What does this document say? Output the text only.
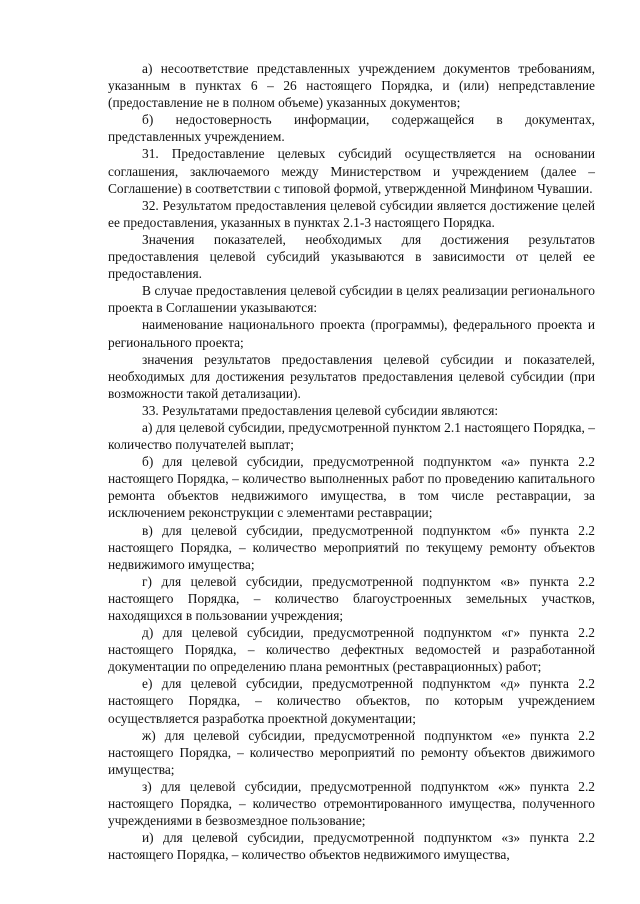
а) несоответствие представленных учреждением документов требованиям, указанным в пунктах 6 – 26 настоящего Порядка, и (или) непредставление (предоставление не в полном объеме) указанных документов;

б) недостоверность информации, содержащейся в документах, представленных учреждением.

31. Предоставление целевых субсидий осуществляется на основании соглашения, заключаемого между Министерством и учреждением (далее – Соглашение) в соответствии с типовой формой, утвержденной Минфином Чувашии.

32. Результатом предоставления целевой субсидии является достижение целей ее предоставления, указанных в пунктах 2.1-3 настоящего Порядка.

Значения показателей, необходимых для достижения результатов предоставления целевой субсидий указываются в зависимости от целей ее предоставления.

В случае предоставления целевой субсидии в целях реализации регионального проекта в Соглашении указываются:

наименование национального проекта (программы), федерального проекта и регионального проекта;

значения результатов предоставления целевой субсидии и показателей, необходимых для достижения результатов предоставления целевой субсидии (при возможности такой детализации).

33. Результатами предоставления целевой субсидии являются:

а) для целевой субсидии, предусмотренной пунктом 2.1 настоящего Порядка, – количество получателей выплат;

б) для целевой субсидии, предусмотренной подпунктом «а» пункта 2.2 настоящего Порядка, – количество выполненных работ по проведению капитального ремонта объектов недвижимого имущества, в том числе реставрации, за исключением реконструкции с элементами реставрации;

в) для целевой субсидии, предусмотренной подпунктом «б» пункта 2.2 настоящего Порядка, – количество мероприятий по текущему ремонту объектов недвижимого имущества;

г) для целевой субсидии, предусмотренной подпунктом «в» пункта 2.2 настоящего Порядка, – количество благоустроенных земельных участков, находящихся в пользовании учреждения;

д) для целевой субсидии, предусмотренной подпунктом «г» пункта 2.2 настоящего Порядка, – количество дефектных ведомостей и разработанной документации по определению плана ремонтных (реставрационных) работ;

е) для целевой субсидии, предусмотренной подпунктом «д» пункта 2.2 настоящего Порядка, – количество объектов, по которым учреждением осуществляется разработка проектной документации;

ж) для целевой субсидии, предусмотренной подпунктом «е» пункта 2.2 настоящего Порядка, – количество мероприятий по ремонту объектов движимого имущества;

з) для целевой субсидии, предусмотренной подпунктом «ж» пункта 2.2 настоящего Порядка, – количество отремонтированного имущества, полученного учреждениями в безвозмездное пользование;

и) для целевой субсидии, предусмотренной подпунктом «з» пункта 2.2 настоящего Порядка, – количество объектов недвижимого имущества,
